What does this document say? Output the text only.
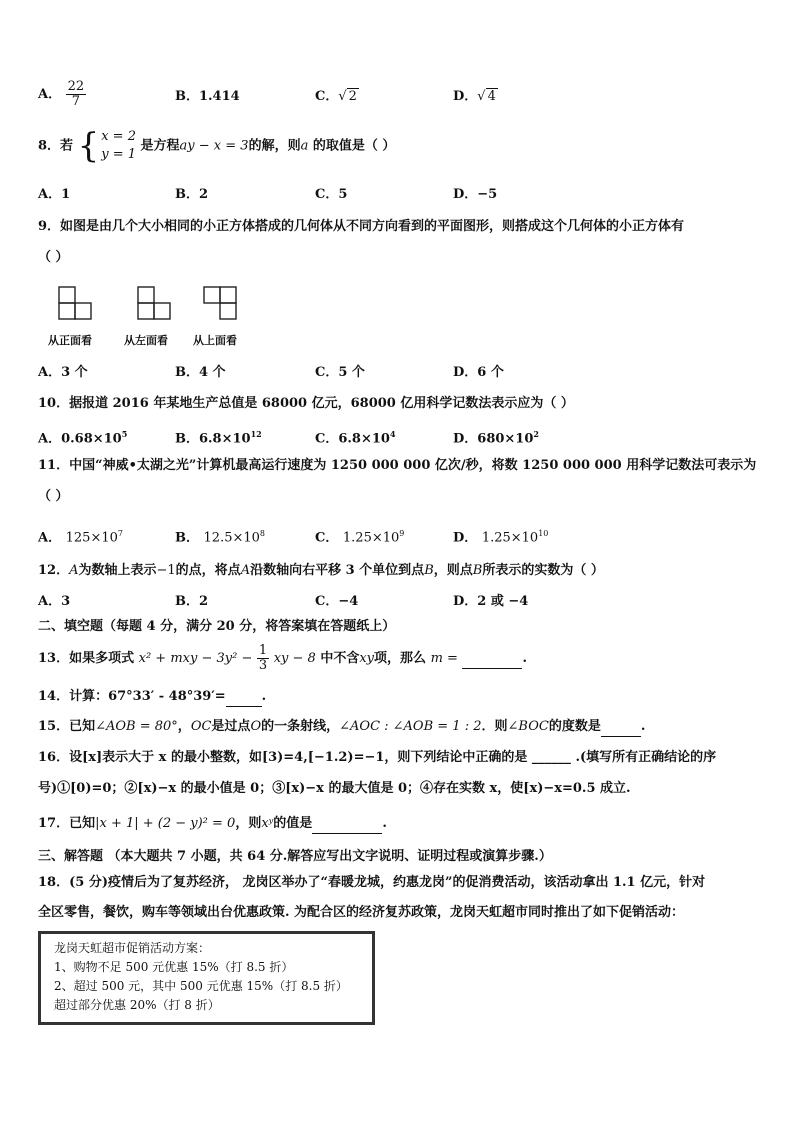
A． $\frac{22}{7}$	B．1.414	C．√ 2	D．√ 4
8．若 { x = 2
y = 1
是方程ay − x = 3的解，则a 的取值是（ ）
A．1	B．2	C．5	D．−5
9．如图是由几个大小相同的小正方体搭成的几何体从不同方向看到的平面图形，则搭成这个几何体的小正方体有
（ ）
从正面看	从左面看 从上面看
A．3 个	B．4 个	C．5 个	D．6 个
10．据报道 2016 年某地生产总值是 68000 亿元，68000 亿用科学记数法表示应为（ ）
A．$0.68\times 10^5$	B．$6.8\times 10^{12}$	C．$6.8\times 10^4$	D．$680\times 10^2$
11．中国“神威•太湖之光”计算机最高运行速度为 1250 000 000 亿次/秒，将数 1250 000 000 用科学记数法可表示为
（ ）
A． $125\times 10^7$	B． $12.5\times 10^8$	C． $1.25\times 10^9$	D． $1.25\times 10^{10}$
12．A为数轴上表示−1的点，将点A沿数轴向右平移 3 个单位到点B，则点B所表示的实数为（ ）
A．3	B．2	C．−4	D．2 或 −4
二、填空题（每题 4 分，满分 20 分，将答案填在答题纸上）
13．如果多项式 x² + mxy − $3y^2 - \frac{1}{3}$ xy − 8 中不含xy项，那么 m =	.
14．计算：67°33′ - 48°39′=	.
15．已知∠AOB = 80°，OC是过点O的一条射线，∠AOC : ∠AOB = 1 : 2．则∠BOC的度数是	.
16．设[x]表示大于 x 的最小整数，如[3)=4,[−1.2)=−1，则下列结论中正确的是 ______ .(填写所有正确结论的序
号)①[0)=0；②[x)−x 的最小值是 0；③[x)−x 的最大值是 0；④存在实数 x，使[x)−x=0.5 成立.
17．已知|x + 1| + (2 − y)² = 0，则xʸ的值是	.
三、解答题 （本大题共 7 小题，共 64 分.解答应写出文字说明、证明过程或演算步骤.）
18．(5 分)疫情后为了复苏经济， 龙岗区举办了“春暖龙城，约惠龙岗”的促消费活动，该活动拿出 1.1 亿元，针对
全区零售，餐饮，购车等领域出台优惠政策. 为配合区的经济复苏政策，龙岗天虹超市同时推出了如下促销活动：
龙岗天虹超市促销活动方案：
1、购物不足 500 元优惠 15%（打 8.5 折）
2、超过 500 元，其中 500 元优惠 15%（打 8.5 折）
超过部分优惠 20%（打 8 折）
